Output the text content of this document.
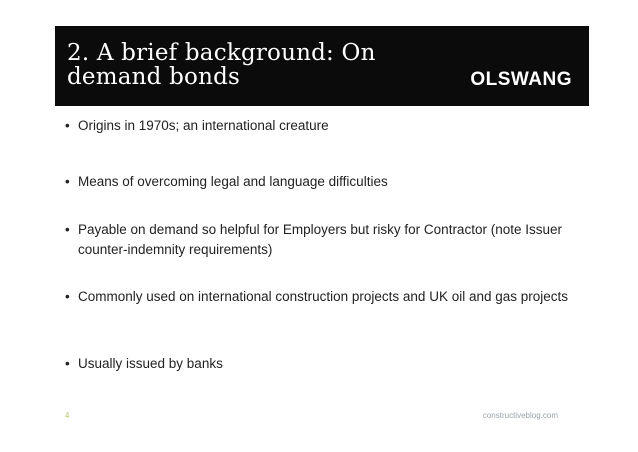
2. A brief background: On demand bonds	OLSWANG
• Origins in 1970s; an international creature
• Means of overcoming legal and language difficulties
• Payable on demand so helpful for Employers but risky for Contractor (note Issuer counter-indemnity requirements)
• Commonly used on international construction projects and UK oil and gas projects
• Usually issued by banks
4	constructiveblog.com
